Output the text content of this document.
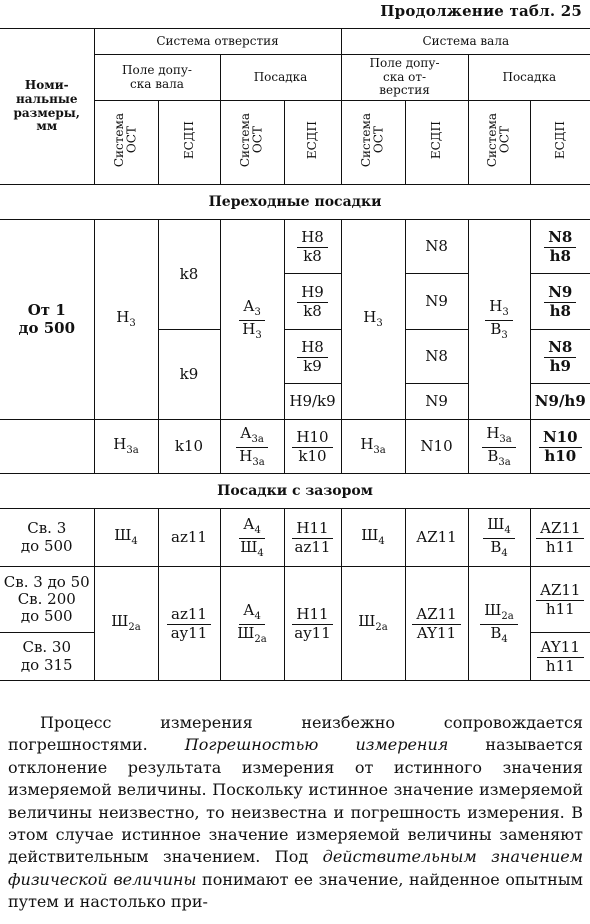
Продолжение табл. 25
Номи-
нальные
размеры,
мм	Система отверстия				Система вала			
	Поле допу-
ска вала		Посадка		Поле допу-
ска от-
верстия		Посадка	
	Система
ОСТ	ЕСДП	Система
ОСТ	ЕСДП	Система
ОСТ	ЕСДП	Система
ОСТ	ЕСДП
Переходные посадки								
От 1
до 500	$Н_3$	k8	$\frac{А_3}{Н_3}$	$\frac{H8}{k8}$	$Н_3$	N8	$\frac{Н_3}{В_3}$	$\frac{N8}{h8}$

				$\frac{H9}{k8}$		N9		$\frac{N9}{h8}$

		k9		$\frac{H8}{k9}$		N8		$\frac{N8}{h9}$

				H9/k9		N9		N9/h9
	$Н_{3а}$	k10	$\frac{А_{3а}}{Н_{3а}}$	$\frac{H10}{k10}$	$Н_{3а}$	N10	$\frac{Н_{3а}}{В_{3а}}$	$\frac{N10}{h10}$

Посадки с зазором								
Св. 3
до 500	$Ш_4$	az11	$\frac{А_4}{Ш_4}$	$\frac{H11}{az11}$	$Ш_4$	AZ11	$\frac{Ш_4}{В_4}$	$\frac{AZ11}{h11}$

Св. 3 до 50
Св. 200
до 500	$Ш_{2а}$	$\frac{az11}{ay11}$	$\frac{А_4}{Ш_{2а}}$	$\frac{H11}{ay11}$	$Ш_{2а}$	$\frac{AZ11}{AY11}$	$\frac{Ш_{2а}}{В_4}$	$\frac{AZ11}{h11}$

Св. 30
до 315								$\frac{AY11}{h11}$
Процесс измерения неизбежно сопровождается погрешностями. Погрешностью измерения называется отклонение результата измерения от истинного значения измеряемой величины. Поскольку истинное значение измеряемой величины неизвестно, то неизвестна и погрешность измерения. В этом случае истинное значение измеряемой величины заменяют действительным значением. Под действительным значением физической величины понимают ее значение, найденное опытным путем и настолько при-
